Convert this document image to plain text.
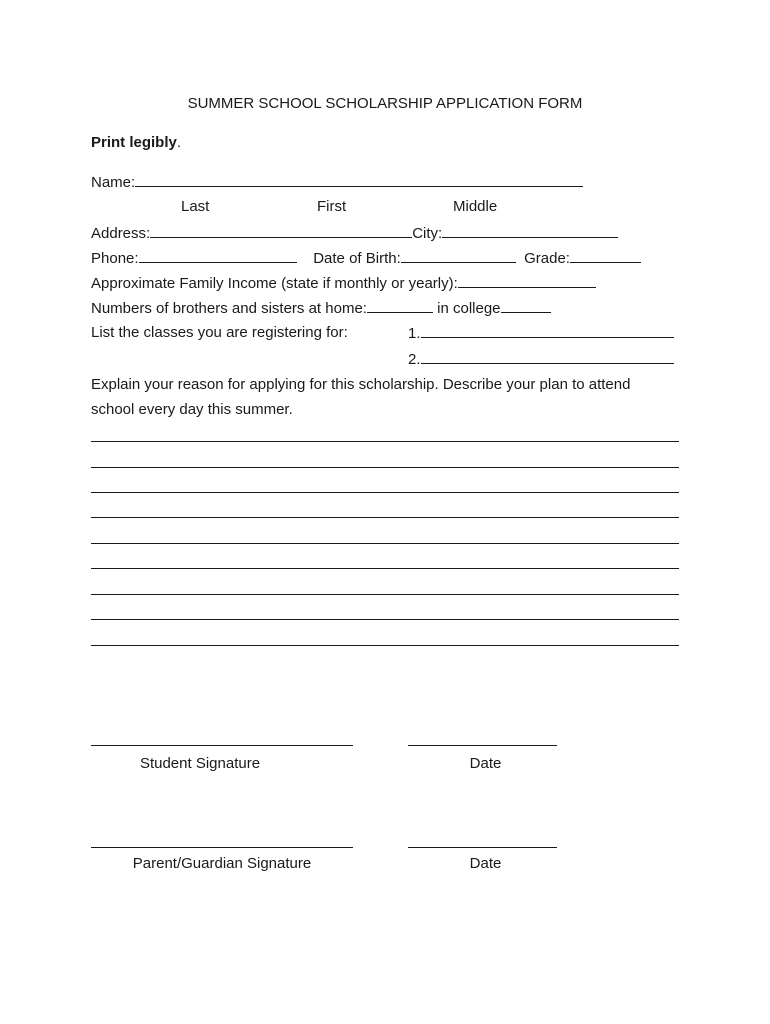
SUMMER SCHOOL SCHOLARSHIP APPLICATION FORM
Print legibly.
Name:
Last	First	Middle
Address:	City:
Phone:	Date of Birth:	Grade:
Approximate Family Income (state if monthly or yearly):
Numbers of brothers and sisters at home:	in college
List the classes you are registering for:	1.
2.
Explain your reason for applying for this scholarship. Describe your plan to attend
school every day this summer.
Student Signature	Date
Parent/Guardian Signature	Date
